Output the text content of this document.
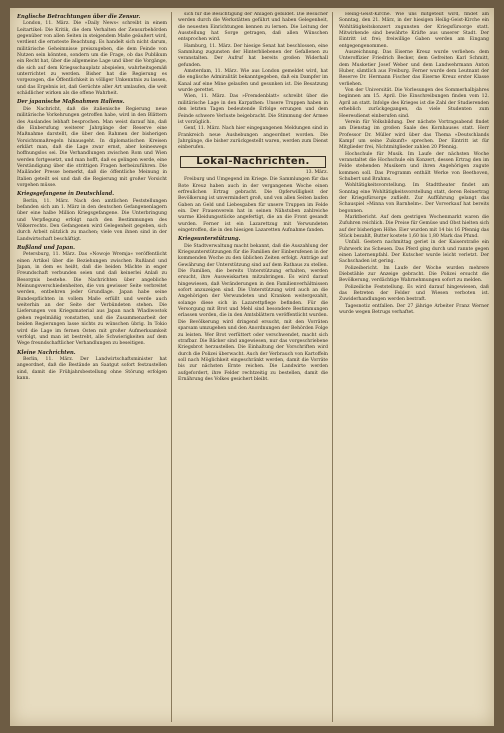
Englische Betrachtungen über die Zensur.

London, 11. März. Die »Daily News« schreibt in einem Leitartikel: Die Kritik, die dem Verhalten der Zensurbehörden gegenüber von allen Seiten in steigendem Maße geäußert wird, verdient die ernsteste Beachtung. Es handelt sich nicht darum, militärische Geheimnisse preiszugeben, die dem Feinde von Nutzen sein könnten, sondern um die Frage, ob das Publikum ein Recht hat, über die allgemeine Lage und über die Vorgänge, die sich auf dem Kriegsschauplatz abspielen, wahrheitsgemäß unterrichtet zu werden. Bisher hat die Regierung es vorgezogen, die Öffentlichkeit in völliger Unkenntnis zu lassen, und das Ergebnis ist, daß Gerüchte aller Art umlaufen, die weit schädlicher wirken als die offene Wahrheit.

Der japanische Maßnahmen Italiens.

Die Nachricht, daß die italienische Regierung neue militärische Vorkehrungen getroffen habe, wird in den Blättern des Auslandes lebhaft besprochen. Man weist darauf hin, daß die Einberufung weiterer Jahrgänge der Reserve eine Maßnahme darstellt, die über den Rahmen der bisherigen Vorsichtsmaßregeln hinausgeht. In diplomatischen Kreisen erklärt man, daß die Lage zwar ernst, aber keineswegs hoffnungslos sei. Die Verhandlungen zwischen Rom und Wien werden fortgesetzt, und man hofft, daß es gelingen werde, eine Verständigung über die strittigen Fragen herbeizuführen. Die Mailänder Presse bemerkt, daß die öffentliche Meinung in Italien geteilt sei und daß die Regierung mit großer Vorsicht vorgehen müsse.

Kriegsgefangene in Deutschland.

Berlin, 11. März. Nach den amtlichen Feststellungen befanden sich am 1. März in den deutschen Gefangenenlagern über eine halbe Million Kriegsgefangene. Die Unterbringung und Verpflegung erfolgt nach den Bestimmungen des Völkerrechts. Den Gefangenen wird Gelegenheit gegeben, sich durch Arbeit nützlich zu machen; viele von ihnen sind in der Landwirtschaft beschäftigt.

Rußland und Japan.

Petersburg, 11. März. Das »Nowoje Wremja« veröffentlicht einen Artikel über die Beziehungen zwischen Rußland und Japan, in dem es heißt, daß die beiden Mächte in enger Freundschaft verbunden seien und daß keinerlei Anlaß zu Besorgnis bestehe. Die Nachrichten über angebliche Meinungsverschiedenheiten, die von gewisser Seite verbreitet werden, entbehren jeder Grundlage. Japan habe seine Bundespflichten in vollem Maße erfüllt und werde auch weiterhin an der Seite der Verbündeten stehen. Die Lieferungen von Kriegsmaterial aus Japan nach Wladiwostok gehen regelmäßig vonstatten, und die Zusammenarbeit der beiden Regierungen lasse nichts zu wünschen übrig. In Tokio wird die Lage im fernen Osten mit großer Aufmerksamkeit verfolgt, und man ist bestrebt, alle Schwierigkeiten auf dem Wege freundschaftlicher Verhandlungen zu beseitigen.

Kleine Nachrichten.

Berlin, 11. März. Der Landwirtschaftsminister hat angeordnet, daß die Bestände an Saatgut sofort festzustellen sind, damit die Frühjahrsbestellung ohne Störung erfolgen kann.

sich für die Besichtigung der Anlagen gebildet. Die Besucher werden durch die Werkstätten geführt und haben Gelegenheit, die neuesten Einrichtungen kennen zu lernen. Die Leitung der Ausstellung hat Sorge getragen, daß allen Wünschen entsprochen wird.

Hamburg, 11. März. Der hiesige Senat hat beschlossen, eine Sammlung zugunsten der Hinterbliebenen der Gefallenen zu veranstalten. Der Aufruf hat bereits großen Widerhall gefunden.

Amsterdam, 11. März. Wie aus London gemeldet wird, hat die englische Admiralität bekanntgegeben, daß ein Dampfer im Kanal auf eine Mine gelaufen und gesunken ist. Die Besatzung wurde gerettet.

Wien, 11. März. Das »Fremdenblatt« schreibt über die militärische Lage in den Karpathen: Unsere Truppen haben in den letzten Tagen bedeutende Erfolge errungen und dem Feinde schwere Verluste beigebracht. Die Stimmung der Armee ist vorzüglich.

Genf, 11. März. Nach hier eingegangenen Meldungen sind in Frankreich neue Aushebungen angeordnet worden. Die Jahrgänge, die bisher zurückgestellt waren, werden zum Dienst einberufen.

Lokal-Nachrichten.
13. März.

Freiburg und Umgegend im Kriege. Die Sammlungen für das Rote Kreuz haben auch in der vergangenen Woche einen erfreulichen Ertrag gebracht. Die Opferwilligkeit der Bevölkerung ist unvermindert groß, und von allen Seiten laufen Gaben an Geld und Liebesgaben für unsere Truppen im Felde ein. Der Frauenverein hat in seinen Nähstuben zahlreiche warme Kleidungsstücke angefertigt, die an die Front gesandt wurden. Ferner ist ein Lazarettzug mit Verwundeten eingetroffen, die in den hiesigen Lazaretten Aufnahme fanden.

Kriegsunterstützung.

Die Stadtverwaltung macht bekannt, daß die Auszahlung der Kriegsunterstützungen für die Familien der Einberufenen in der kommenden Woche zu den üblichen Zeiten erfolgt. Anträge auf Gewährung der Unterstützung sind auf dem Rathaus zu stellen. Die Familien, die bereits Unterstützung erhalten, werden ersucht, ihre Ausweiskarten mitzubringen. Es wird darauf hingewiesen, daß Veränderungen in den Familienverhältnissen sofort anzuzeigen sind. Die Unterstützung wird auch an die Angehörigen der Verwundeten und Kranken weitergezahlt, solange diese sich in Lazarettpflege befinden. Für die Versorgung mit Brot und Mehl sind besondere Bestimmungen erlassen worden, die in den Amtsblättern veröffentlicht wurden. Die Bevölkerung wird dringend ersucht, mit den Vorräten sparsam umzugehen und den Anordnungen der Behörden Folge zu leisten. Wer Brot verfüttert oder verschwendet, macht sich strafbar. Die Bäcker sind angewiesen, nur das vorgeschriebene Kriegsbrot herzustellen. Die Einhaltung der Vorschriften wird durch die Polizei überwacht. Auch der Verbrauch von Kartoffeln soll nach Möglichkeit eingeschränkt werden, damit die Vorräte bis zur nächsten Ernte reichen. Die Landwirte werden aufgefordert, ihre Felder rechtzeitig zu bestellen, damit die Ernährung des Volkes gesichert bleibt.

Heilig-Geist-Kirche. Wie uns mitgeteilt wird, findet am Sonntag, den 21. März, in der hiesigen Heilig-Geist-Kirche ein Wohltätigkeitskonzert zugunsten der Kriegsfürsorge statt. Mitwirkende sind bewährte Kräfte aus unserer Stadt. Der Eintritt ist frei; freiwillige Gaben werden am Eingang entgegengenommen.

Auszeichnung. Das Eiserne Kreuz wurde verliehen: dem Unteroffizier Friedrich Becker, dem Gefreiten Karl Schmitt, dem Musketier Josef Weber und dem Landwehrmann Anton Huber, sämtlich aus Freiburg. Ferner wurde dem Leutnant der Reserve Dr. Hermann Fischer das Eiserne Kreuz erster Klasse verliehen.

Von der Universität. Die Vorlesungen des Sommerhalbjahres beginnen am 15. April. Die Einschreibungen finden vom 12. April an statt. Infolge des Krieges ist die Zahl der Studierenden erheblich zurückgegangen, da viele Studenten zum Heeresdienst einberufen sind.

Verein für Volksbildung. Der nächste Vortragsabend findet am Dienstag im großen Saale des Kornhauses statt. Herr Professor Dr. Müller wird über das Thema »Deutschlands Kampf um seine Zukunft« sprechen. Der Eintritt ist für Mitglieder frei, Nichtmitglieder zahlen 20 Pfennig.

Hochschule für Musik. Im Laufe der nächsten Woche veranstaltet die Hochschule ein Konzert, dessen Ertrag den im Felde stehenden Musikern und ihren Angehörigen zugute kommen soll. Das Programm enthält Werke von Beethoven, Schubert und Brahms.

Wohltätigkeitsvorstellung. Im Stadttheater findet am Sonntag eine Wohltätigkeitsvorstellung statt, deren Reinertrag der Kriegsfürsorge zufließt. Zur Aufführung gelangt das Schauspiel »Minna von Barnhelm«. Der Vorverkauf hat bereits begonnen.

Marktbericht. Auf dem gestrigen Wochenmarkt waren die Zufuhren reichlich. Die Preise für Gemüse und Obst hielten sich auf der bisherigen Höhe. Eier wurden mit 14 bis 16 Pfennig das Stück bezahlt, Butter kostete 1,60 bis 1,80 Mark das Pfund.

Unfall. Gestern nachmittag geriet in der Kaiserstraße ein Fuhrwerk ins Scheuen. Das Pferd ging durch und rannte gegen einen Laternenpfahl. Der Kutscher wurde leicht verletzt. Der Sachschaden ist gering.

Polizeibericht. Im Laufe der Woche wurden mehrere Diebstähle zur Anzeige gebracht. Die Polizei ersucht die Bevölkerung, verdächtige Wahrnehmungen sofort zu melden.

Polizeiliche Feststellung. Es wird darauf hingewiesen, daß das Betreten der Felder und Wiesen verboten ist. Zuwiderhandlungen werden bestraft.

Tagesnotiz entfallen. Der 27 jährige Arbeiter Franz Werner wurde wegen Betrugs verhaftet.
